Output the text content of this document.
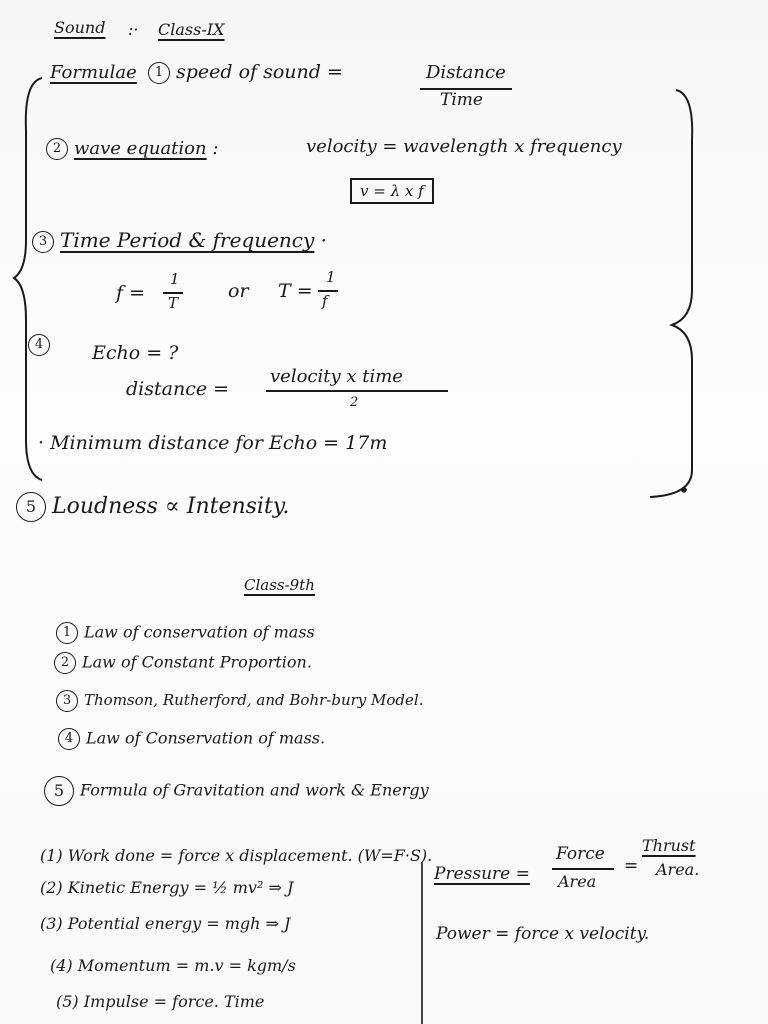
Sound :· Class-IX
Formulae	1 speed of sound =	Distance
Time
2 wave equation :	velocity = wavelength x frequency
v = λ x f
3 Time Period & frequency ·
f =
1
T
or T =
1
f
4	Echo = ?
distance =
velocity x time
2
· Minimum distance for Echo = 17m
5 Loudness ∝ Intensity.
•
Class-9th
1 Law of conservation of mass
2 Law of Constant Proportion.
3 Thomson, Rutherford, and Bohr-bury Model.
4 Law of Conservation of mass.
5 Formula of Gravitation and work & Energy
(1) Work done = force x displacement. (W=F·S).
(2) Kinetic Energy = ½ mv² ⇒ J
(3) Potential energy = mgh ⇒ J
(4) Momentum = m.v = kgm/s
(5) Impulse = force. Time
Pressure =
Force
Area
=
Thrust
Area.
Power = force x velocity.
